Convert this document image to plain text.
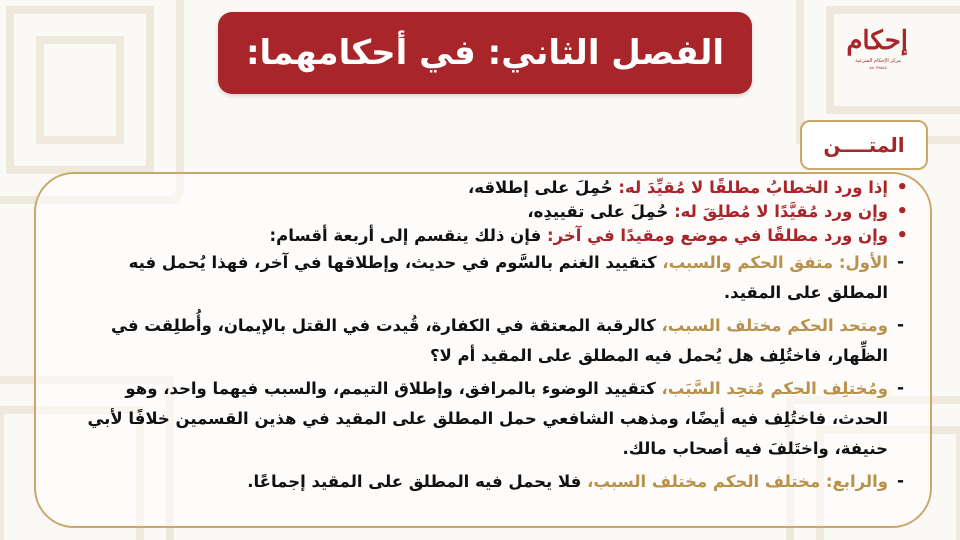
الفصل الثاني: في أحكامهما:	إحكام
مركز الإحكام الشرعية
٥٥٠٧٩٥٥٥
المتــــن

• إذا ورد الخطابُ مطلقًا لا مُقيِّدَ له: حُمِلَ على إطلاقه،

• وإن ورد مُقيَّدًا لا مُطلِقَ له: حُمِلَ على تقييدِه،

• وإن ورد مطلقًا في موضع ومقيدًا في آخر: فإن ذلك ينقسم إلى أربعة أقسام:

- الأول: متفق الحكم والسبب، كتقييد الغنم بالسَّوم في حديث، وإطلاقها في آخر، فهذا يُحمل فيه المطلق على المقيد.

- ومتحد الحكم مختلف السبب، كالرقبة المعتقة في الكفارة، قُيدت في القتل بالإيمان، وأُطلِقت في الظِّهار، فاختُلِف هل يُحمل فيه المطلق على المقيد أم لا؟

- ومُختلِف الحكم مُتحِد السَّبَب، كتقييد الوضوء بالمرافق، وإطلاق التيمم، والسبب فيهما واحد، وهو الحدث، فاختُلِف فيه أيضًا، ومذهب الشافعي حمل المطلق على المقيد في هذين القسمين خلافًا لأبي حنيفة، واختَلفَ فيه أصحاب مالك.

- والرابع: مختلف الحكم مختلف السبب، فلا يحمل فيه المطلق على المقيد إجماعًا.
